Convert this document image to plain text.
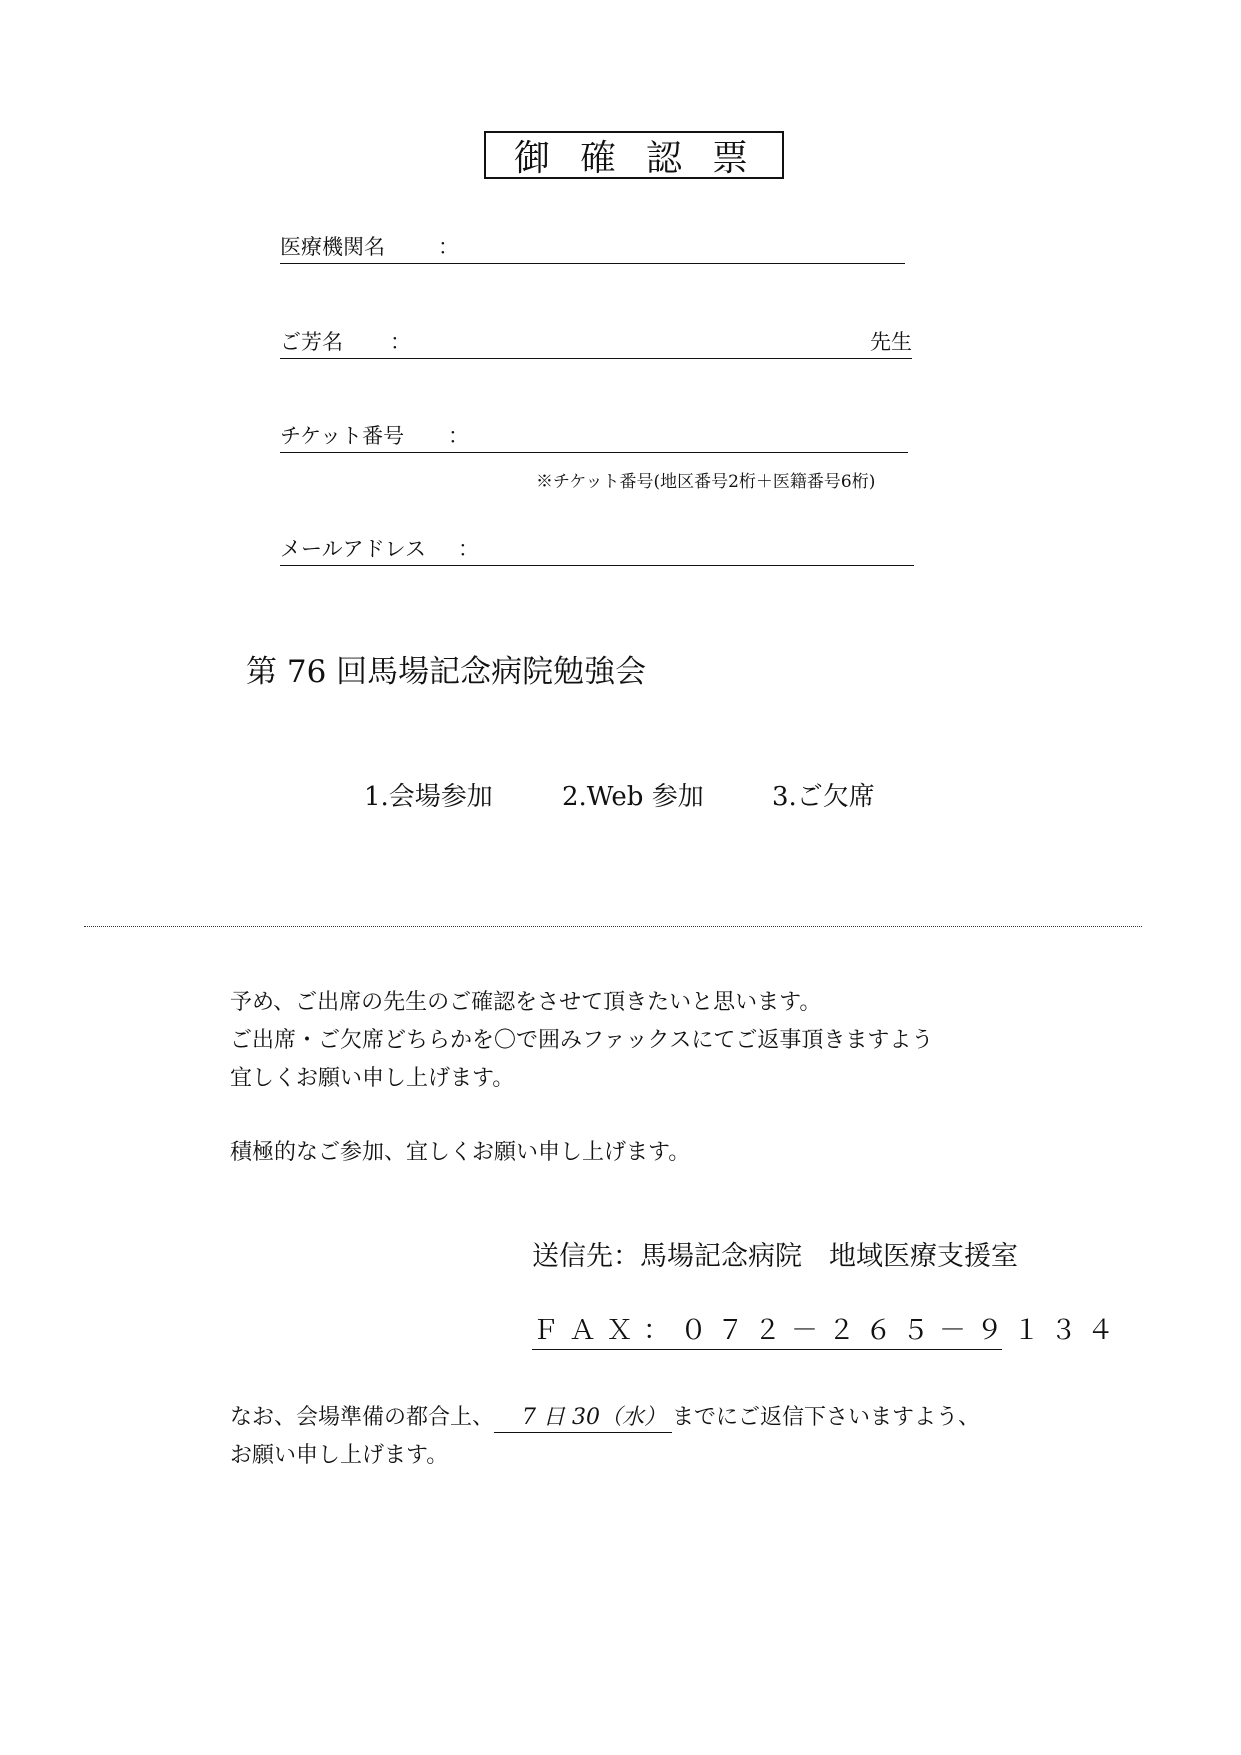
御確認票
医療機関名	：
ご芳名 ：	先生
チケット番号 ：
※チケット番号(地区番号2桁＋医籍番号6桁)
メールアドレス ：
第 76 回馬場記念病院勉強会
1.会場参加	2.Web 参加	3.ご欠席
予め、ご出席の先生のご確認をさせて頂きたいと思います。
ご出席・ご欠席どちらかを〇で囲みファックスにてご返事頂きますよう
宜しくお願い申し上げます。
積極的なご参加、宜しくお願い申し上げます。
送信先：馬場記念病院　地域医療支援室
ＦＡＸ：０７２－２６５－９１３４
なお、会場準備の都合上、 7 日 30（水） までにご返信下さいますよう、
お願い申し上げます。
